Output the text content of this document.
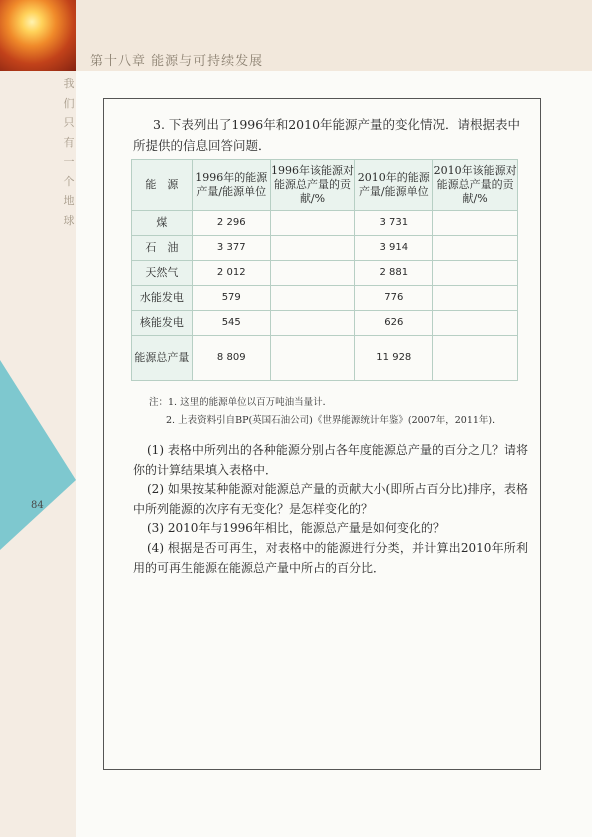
第十八章 能源与可持续发展
我
们
只
有
一
个
地
球
84
3. 下表列出了1996年和2010年能源产量的变化情况．请根据表中所提供的信息回答问题．
能　源	1996年的能源产量/能源单位	1996年该能源对能源总产量的贡献/%	2010年的能源产量/能源单位	2010年该能源对能源总产量的贡献/%
煤	2 296		3 731	
石　油	3 377		3 914	
天然气	2 012		2 881	
水能发电	579		776	
核能发电	545		626	
能源总产量	8 809		11 928	
注：1. 这里的能源单位以百万吨油当量计．
2. 上表资料引自BP(英国石油公司)《世界能源统计年鉴》(2007年，2011年)．

(1) 表格中所列出的各种能源分别占各年度能源总产量的百分之几？请将你的计算结果填入表格中．

(2) 如果按某种能源对能源总产量的贡献大小(即所占百分比)排序，表格中所列能源的次序有无变化？是怎样变化的？

(3) 2010年与1996年相比，能源总产量是如何变化的？

(4) 根据是否可再生，对表格中的能源进行分类，并计算出2010年所利用的可再生能源在能源总产量中所占的百分比．
